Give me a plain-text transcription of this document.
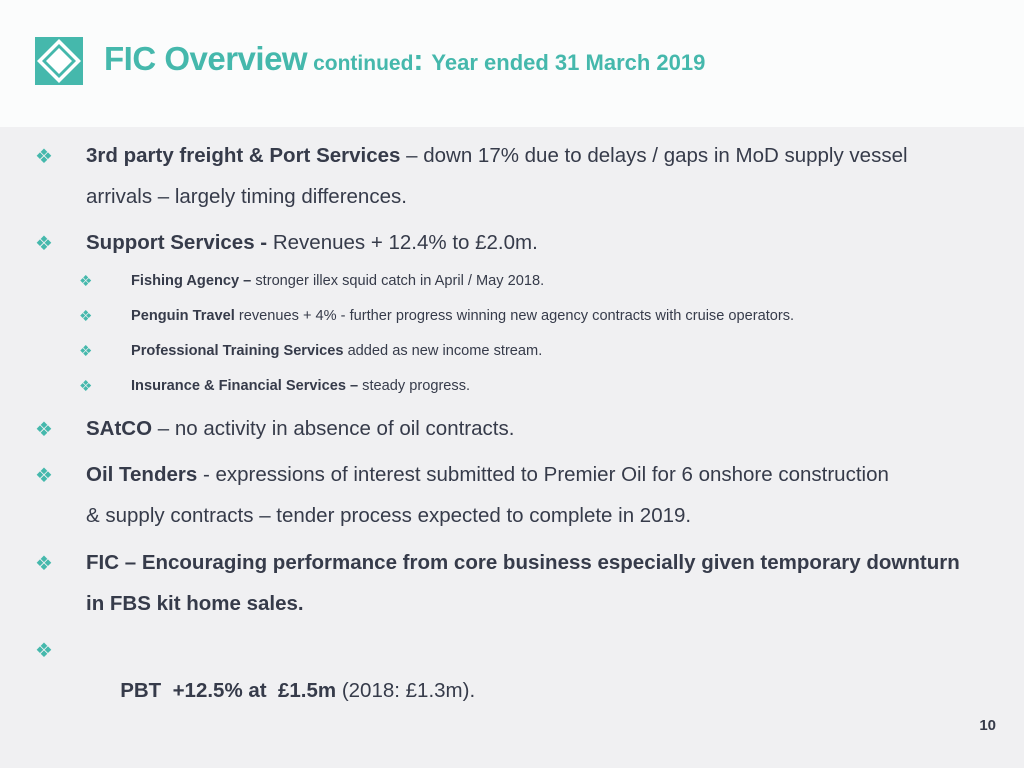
FIC Overview continued: Year ended 31 March 2019
❖ 3rd party freight & Port Services – down 17% due to delays / gaps in MoD supply vessel
arrivals – largely timing differences.
❖ Support Services - Revenues + 12.4% to £2.0m.
❖	Fishing Agency – stronger illex squid catch in April / May 2018.
❖	Penguin Travel revenues + 4% - further progress winning new agency contracts with cruise operators.
❖	Professional Training Services added as new income stream.
❖	Insurance & Financial Services – steady progress.
❖ SAtCO – no activity in absence of oil contracts.
❖ Oil Tenders - expressions of interest submitted to Premier Oil for 6 onshore construction
& supply contracts – tender process expected to complete in 2019.
❖ FIC – Encouraging performance from core business especially given temporary downturn
in FBS kit home sales.
❖

PBT  +12.5% at  £1.5m (2018: £1.3m).

10
